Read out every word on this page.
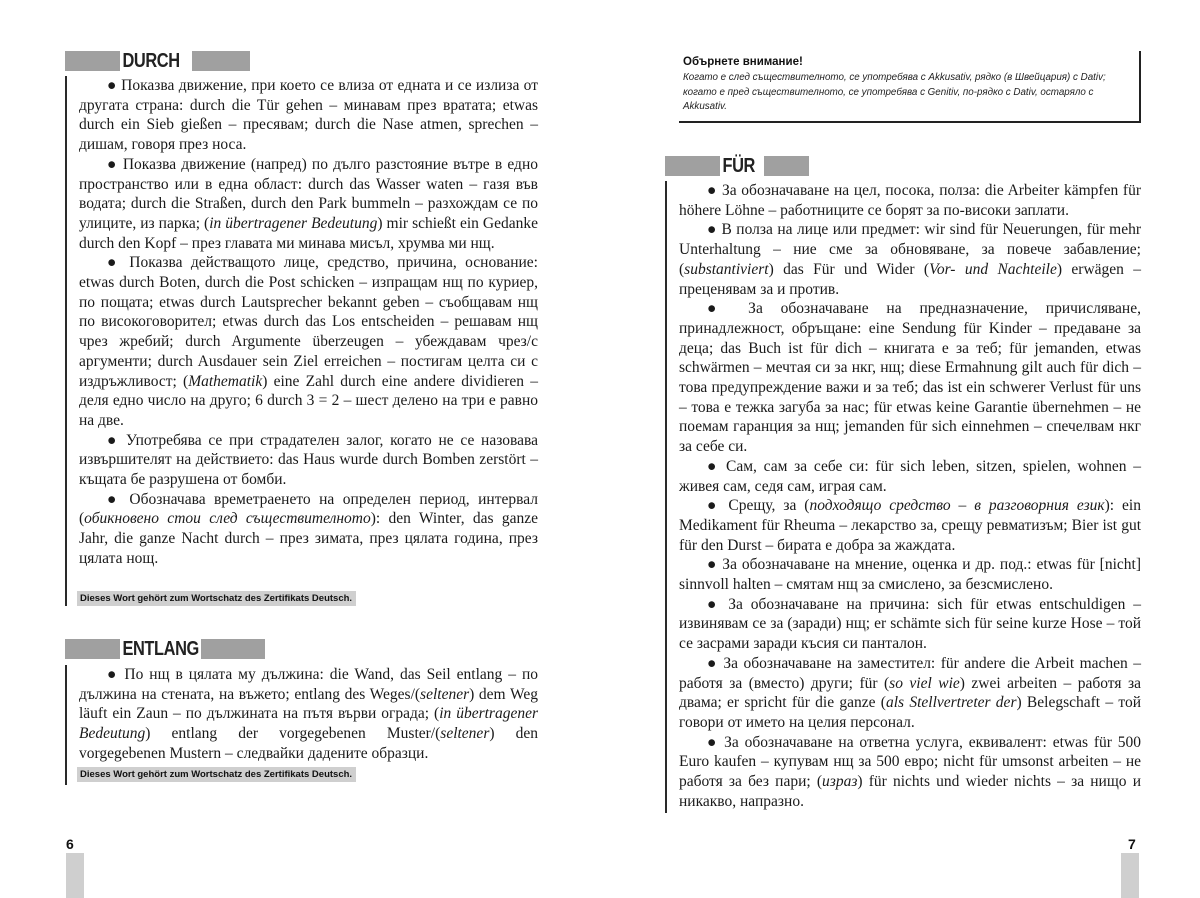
DURCH

● Показва движение, при което се влиза от едната и се излиза от другата страна: durch die Tür gehen – минавам през вратата; etwas durch ein Sieb gießen – пресявам; durch die Nase atmen, sprechen – дишам, говоря през носа.

● Показва движение (напред) по дълго разстояние вътре в едно пространство или в една област: durch das Wasser waten – газя във водата; durch die Straßen, durch den Park bummeln – разхождам се по улиците, из парка; (in übertragener Bedeutung) mir schießt ein Gedanke durch den Kopf – през главата ми минава мисъл, хрумва ми нщ.

● Показва действащото лице, средство, причина, основание: etwas durch Boten, durch die Post schicken – изпращам нщ по куриер, по пощата; etwas durch Lautsprecher bekannt geben – съобщавам нщ по високоговорител; etwas durch das Los entscheiden – решавам нщ чрез жребий; durch Argumente überzeugen – убеждавам чрез/с аргументи; durch Ausdauer sein Ziel erreichen – постигам целта си с издръжливост; (Mathematik) eine Zahl durch eine andere dividieren – деля едно число на друго; 6 durch 3 = 2 – шест делено на три е равно на две.

● Употребява се при страдателен залог, когато не се назовава извършителят на действието: das Haus wurde durch Bomben zerstört – къщата бе разрушена от бомби.

● Обозначава времетраенето на определен период, интервал (обикновено стои след съществителното): den Winter, das ganze Jahr, die ganze Nacht durch – през зимата, през цялата година, през цялата нощ.

Dieses Wort gehört zum Wortschatz des Zertifikats Deutsch.
ENTLANG

● По нщ в цялата му дължина: die Wand, das Seil entlang – по дължина на стената, на въжето; entlang des Weges/(seltener) dem Weg läuft ein Zaun – по дължината на пътя върви ограда; (in übertragener Bedeutung) entlang der vorgegebenen Muster/(seltener) den vorgegebenen Mustern – следвайки дадените образци.

Dieses Wort gehört zum Wortschatz des Zertifikats Deutsch.
6
Обърнете внимание!
Когато е след съществителното, се употребява с Akkusativ, рядко (в Швейцария) с Dativ;
когато е пред съществителното, се употребява с Genitiv, по-рядко с Dativ, остаряло с
Akkusativ.
FÜR

● За обозначаване на цел, посока, полза: die Arbeiter kämpfen für höhere Löhne – работниците се борят за по-високи заплати.

● В полза на лице или предмет: wir sind für Neuerungen, für mehr Unterhaltung – ние сме за обновяване, за повече забавление; (substantiviert) das Für und Wider (Vor- und Nachteile) erwägen – преценявам за и против.

● За обозначаване на предназначение, причисляване, принадлежност, обръщане: eine Sendung für Kinder – предаване за деца; das Buch ist für dich – книгата е за теб; für jemanden, etwas schwärmen – мечтая си за нкг, нщ; diese Ermahnung gilt auch für dich – това предупреждение важи и за теб; das ist ein schwerer Verlust für uns – това е тежка загуба за нас; für etwas keine Garantie übernehmen – не поемам гаранция за нщ; jemanden für sich einnehmen – спечелвам нкг за себе си.

● Сам, сам за себе си: für sich leben, sitzen, spielen, wohnen – живея сам, седя сам, играя сам.

● Срещу, за (подходящо средство – в разговорния език): ein Medikament für Rheuma – лекарство за, срещу ревматизъм; Bier ist gut für den Durst – бирата е добра за жаждата.

● За обозначаване на мнение, оценка и др. под.: etwas für [nicht] sinnvoll halten – смятам нщ за смислено, за безсмислено.

● За обозначаване на причина: sich für etwas entschuldigen – извинявам се за (заради) нщ; er schämte sich für seine kurze Hose – той се засрами заради късия си панталон.

● За обозначаване на заместител: für andere die Arbeit machen – работя за (вместо) други; für (so viel wie) zwei arbeiten – работя за двама; er spricht für die ganze (als Stellvertreter der) Belegschaft – той говори от името на целия персонал.

● За обозначаване на ответна услуга, еквивалент: etwas für 500 Euro kaufen – купувам нщ за 500 евро; nicht für umsonst arbeiten – не работя за без пари; (израз) für nichts und wieder nichts – за нищо и никакво, напразно.

7
